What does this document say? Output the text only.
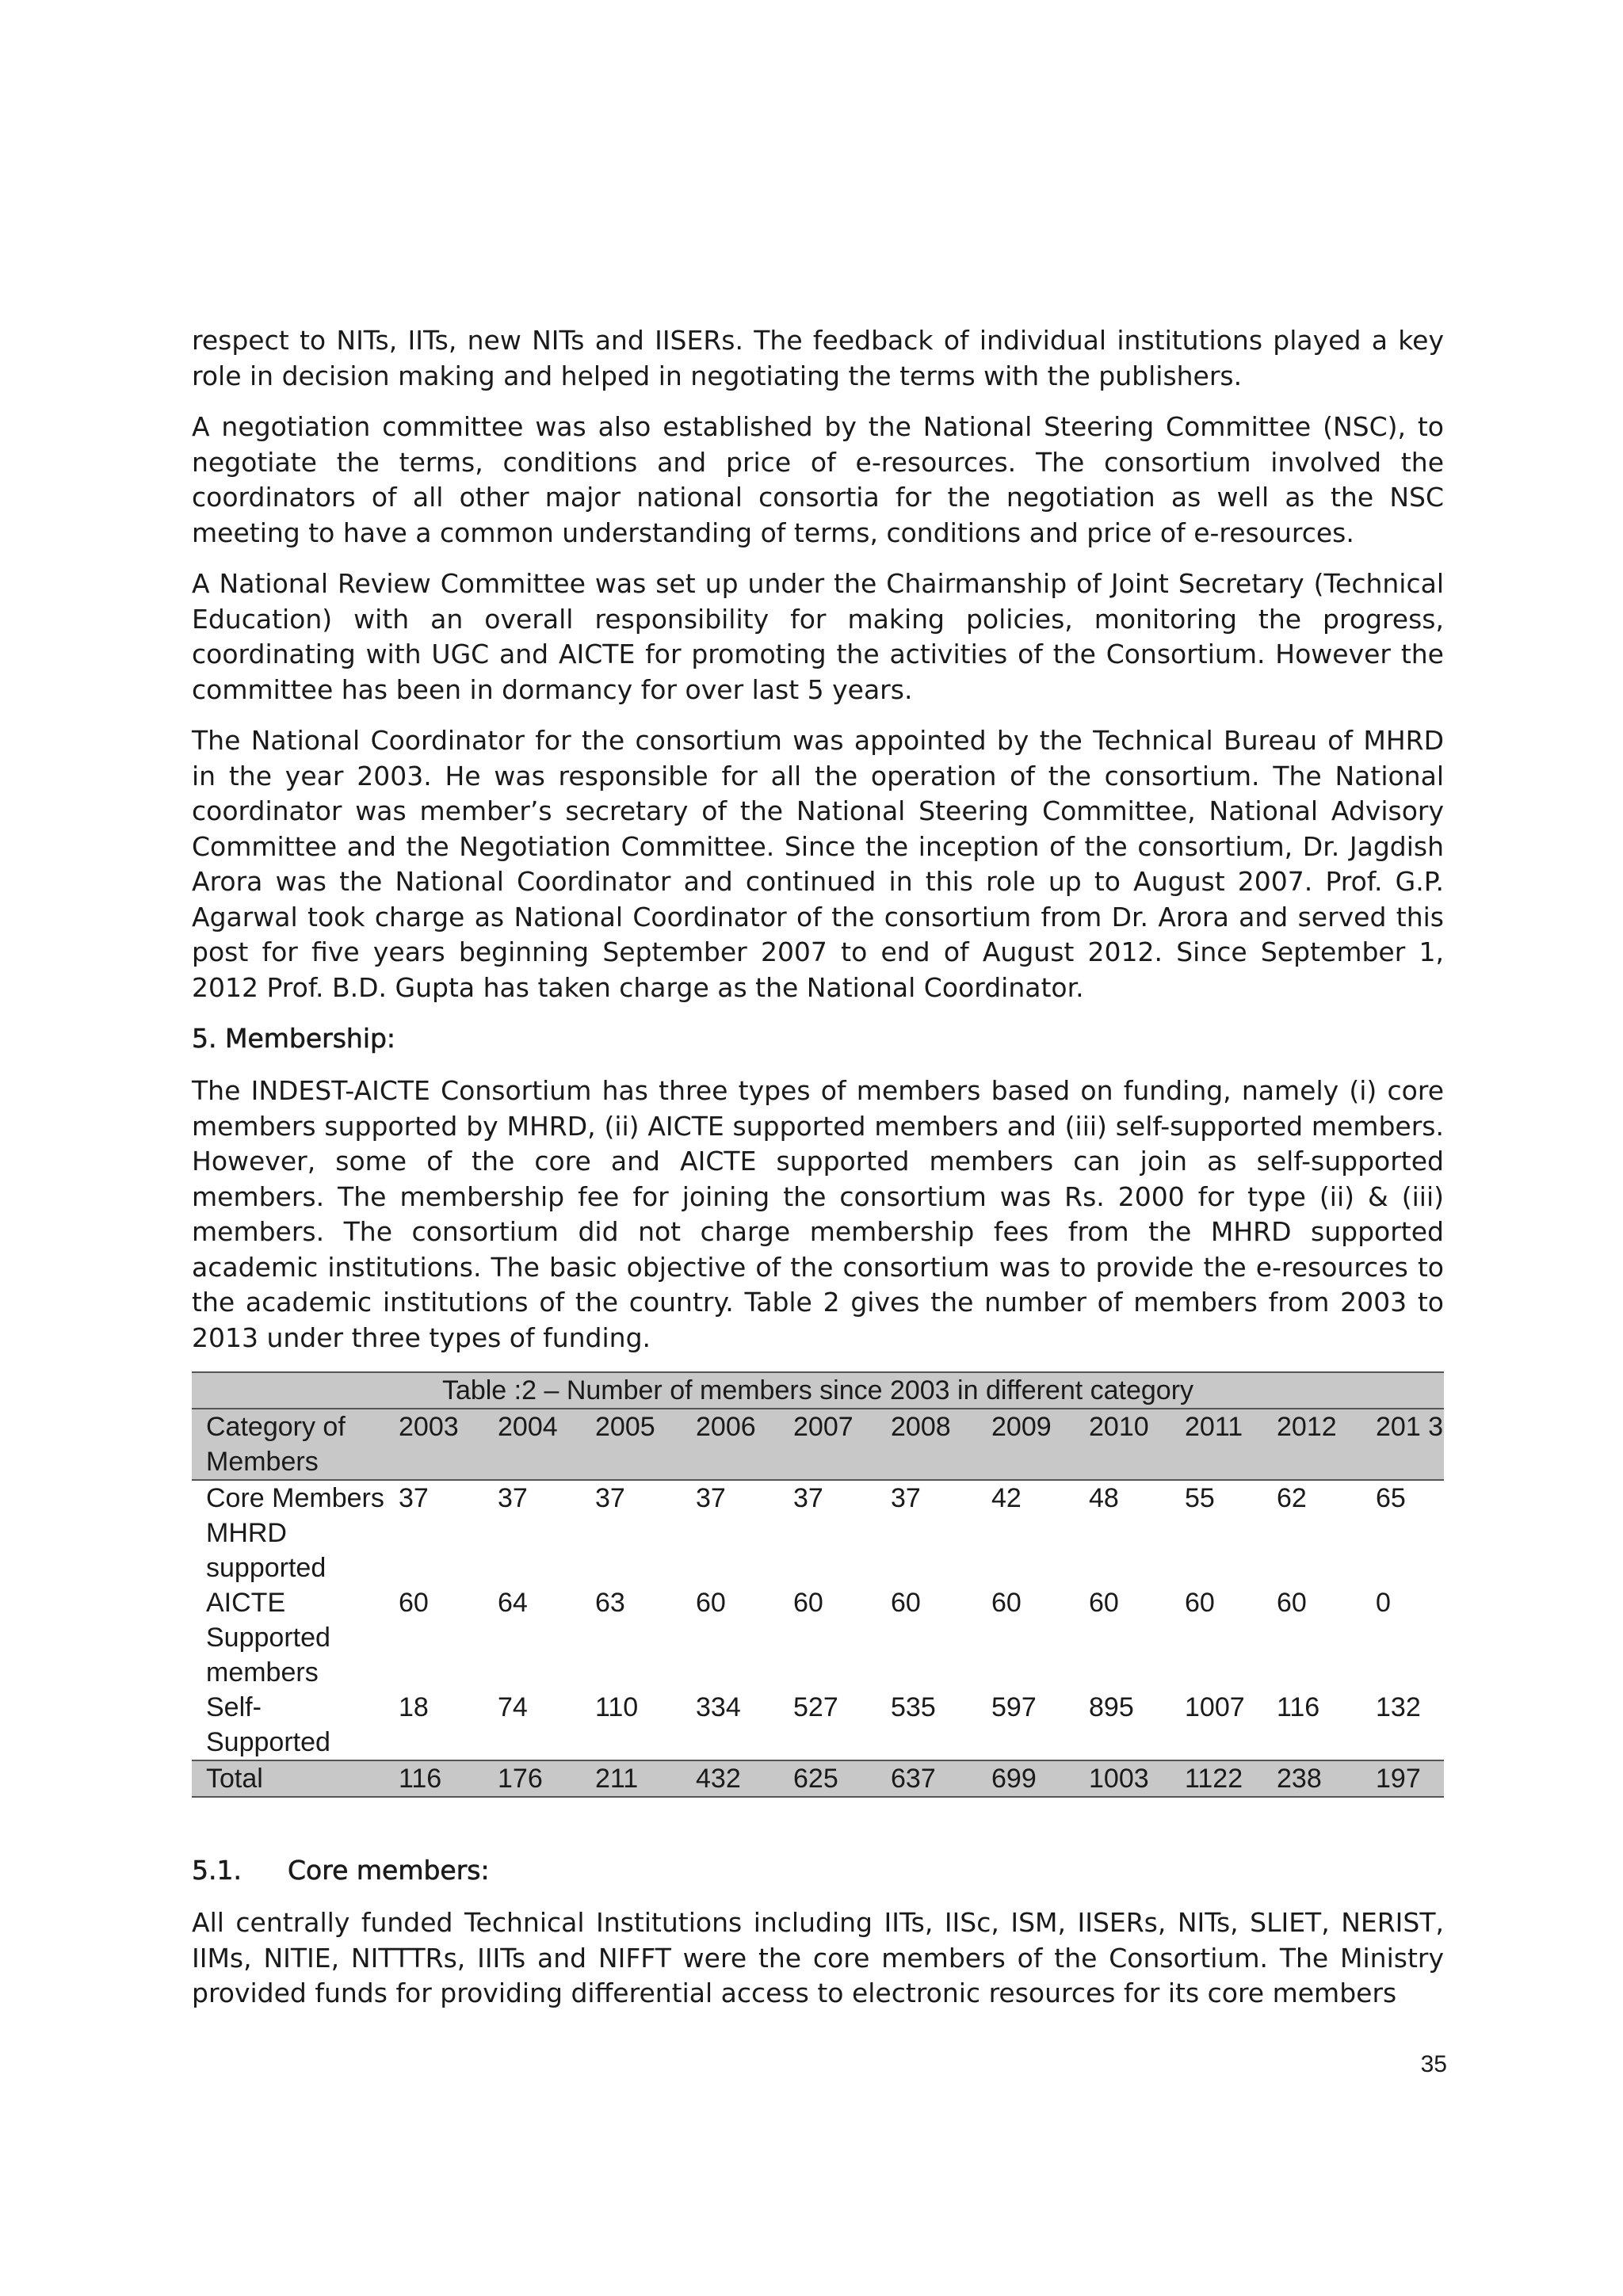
respect to NITs, IITs, new NITs and IISERs. The feedback of individual institutions played a key role in decision making and helped in negotiating the terms with the publishers.

A negotiation committee was also established by the National Steering Committee (NSC), to negotiate the terms, conditions and price of e-resources. The consortium involved the coordinators of all other major national consortia for the negotiation as well as the NSC meeting to have a common understanding of terms, conditions and price of e-resources.

A National Review Committee was set up under the Chairmanship of Joint Secretary (Technical Education) with an overall responsibility for making policies, monitoring the progress, coordinating with UGC and AICTE for promoting the activities of the Consortium. However the committee has been in dormancy for over last 5 years.

The National Coordinator for the consortium was appointed by the Technical Bureau of MHRD in the year 2003. He was responsible for all the operation of the consortium. The National coordinator was member’s secretary of the National Steering Committee, National Advisory Committee and the Negotiation Committee. Since the inception of the consortium, Dr. Jagdish Arora was the National Coordinator and continued in this role up to August 2007. Prof. G.P. Agarwal took charge as National Coordinator of the consortium from Dr. Arora and served this post for five years beginning September 2007 to end of August 2012. Since September 1, 2012 Prof. B.D. Gupta has taken charge as the National Coordinator.

5. Membership:

The INDEST-AICTE Consortium has three types of members based on funding, namely (i) core members supported by MHRD, (ii) AICTE supported members and (iii) self-supported members. However, some of the core and AICTE supported members can join as self-supported members. The membership fee for joining the consortium was Rs. 2000 for type (ii) & (iii) members. The consortium did not charge membership fees from the MHRD supported academic institutions. The basic objective of the consortium was to provide the e-resources to the academic institutions of the country. Table 2 gives the number of members from 2003 to 2013 under three types of funding.

Table :2 – Number of members since 2003 in different category											
Category of Members	2003	2004	2005	2006	2007	2008	2009	2010	2011	2012	201 3
Core Members MHRD supported	37	37	37	37	37	37	42	48	55	62	65
AICTE Supported members	60	64	63	60	60	60	60	60	60	60	0
Self-Supported	18	74	110	334	527	535	597	895	1007	116	132
Total	116	176	211	432	625	637	699	1003	1122	238	197
5.1.	Core members:

All centrally funded Technical Institutions including IITs, IISc, ISM, IISERs, NITs, SLIET, NERIST, IIMs, NITIE, NITTTRs, IIITs and NIFFT were the core members of the Consortium. The Ministry provided funds for providing differential access to electronic resources for its core members

35
